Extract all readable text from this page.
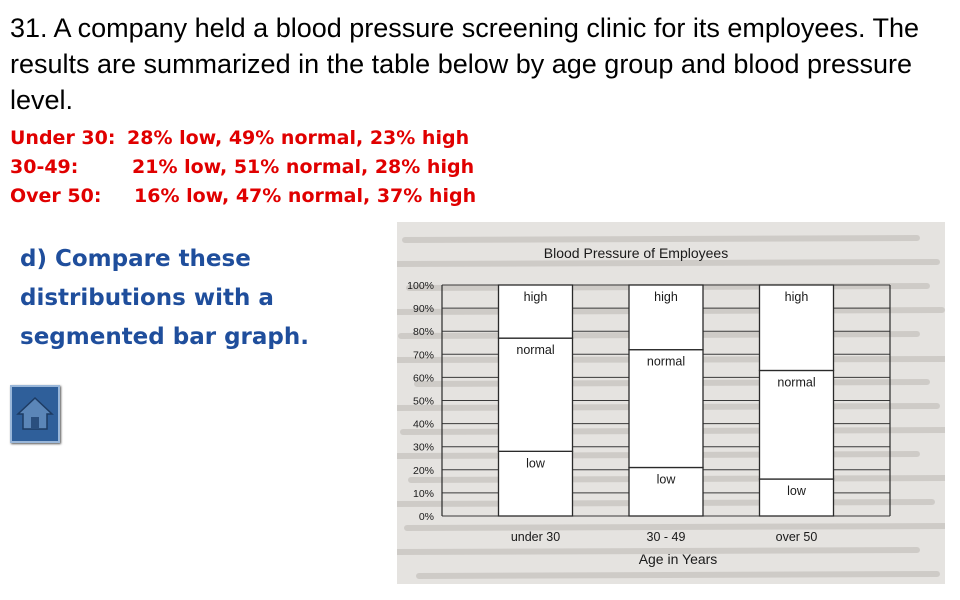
31. A company held a blood pressure screening clinic for its employees. The results are summarized in the table below by age group and blood pressure level.

Under 30: 28% low, 49% normal, 23% high
30-49:	21% low, 51% normal, 28% high
Over 50: 16% low, 47% normal, 37% high
d) Compare these
distributions with a
segmented bar graph.
Blood Pressure of Employees
0%
10%
20%
30%
40%
50%
60%
70%
80%
90%
100%
low
normal
high
under 30
low
normal
high
30 - 49
low
normal
high
over 50
Age in Years
